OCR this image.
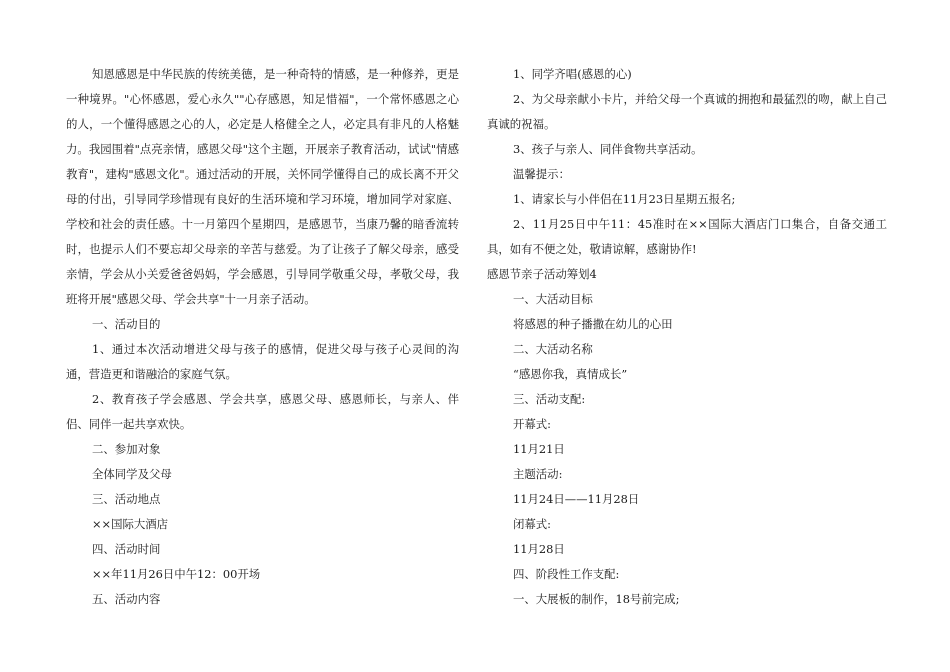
知恩感恩是中华民族的传统美德，是一种奇特的情感，是一种修养，更是一种境界。"心怀感恩，爱心永久""心存感恩，知足惜福"，一个常怀感恩之心的人，一个懂得感恩之心的人，必定是人格健全之人，必定具有非凡的人格魅力。我园围着"点亮亲情，感恩父母"这个主题，开展亲子教育活动，试试"情感教育"，建构"感恩文化"。通过活动的开展，关怀同学懂得自己的成长离不开父母的付出，引导同学珍惜现有良好的生活环境和学习环境，增加同学对家庭、学校和社会的责任感。十一月第四个星期四，是感恩节，当康乃馨的暗香流转时，也提示人们不要忘却父母亲的辛苦与慈爱。为了让孩子了解父母亲，感受亲情，学会从小关爱爸爸妈妈，学会感恩，引导同学敬重父母，孝敬父母，我班将开展"感恩父母、学会共享"十一月亲子活动。

一、活动目的

1、通过本次活动增进父母与孩子的感情，促进父母与孩子心灵间的沟通，营造更和谐融洽的家庭气氛。

2、教育孩子学会感恩、学会共享，感恩父母、感恩师长，与亲人、伴侣、同伴一起共享欢快。

二、参加对象

全体同学及父母

三、活动地点

××国际大酒店

四、活动时间

××年11月26日中午12：00开场

五、活动内容

1、同学齐唱(感恩的心)

2、为父母亲献小卡片，并给父母一个真诚的拥抱和最猛烈的吻，献上自己真诚的祝福。

3、孩子与亲人、同伴食物共享活动。

温馨提示：

1、请家长与小伴侣在11月23日星期五报名;

2、11月25日中午11：45准时在××国际大酒店门口集合，自备交通工具，如有不便之处，敬请谅解，感谢协作!

感恩节亲子活动筹划4

一、大活动目标

将感恩的种子播撒在幼儿的心田

二、大活动名称

“感恩你我，真情成长”

三、活动支配:

开幕式:

11月21日

主题活动:

11月24日——11月28日

闭幕式:

11月28日

四、阶段性工作支配:

一、大展板的制作，18号前完成;
